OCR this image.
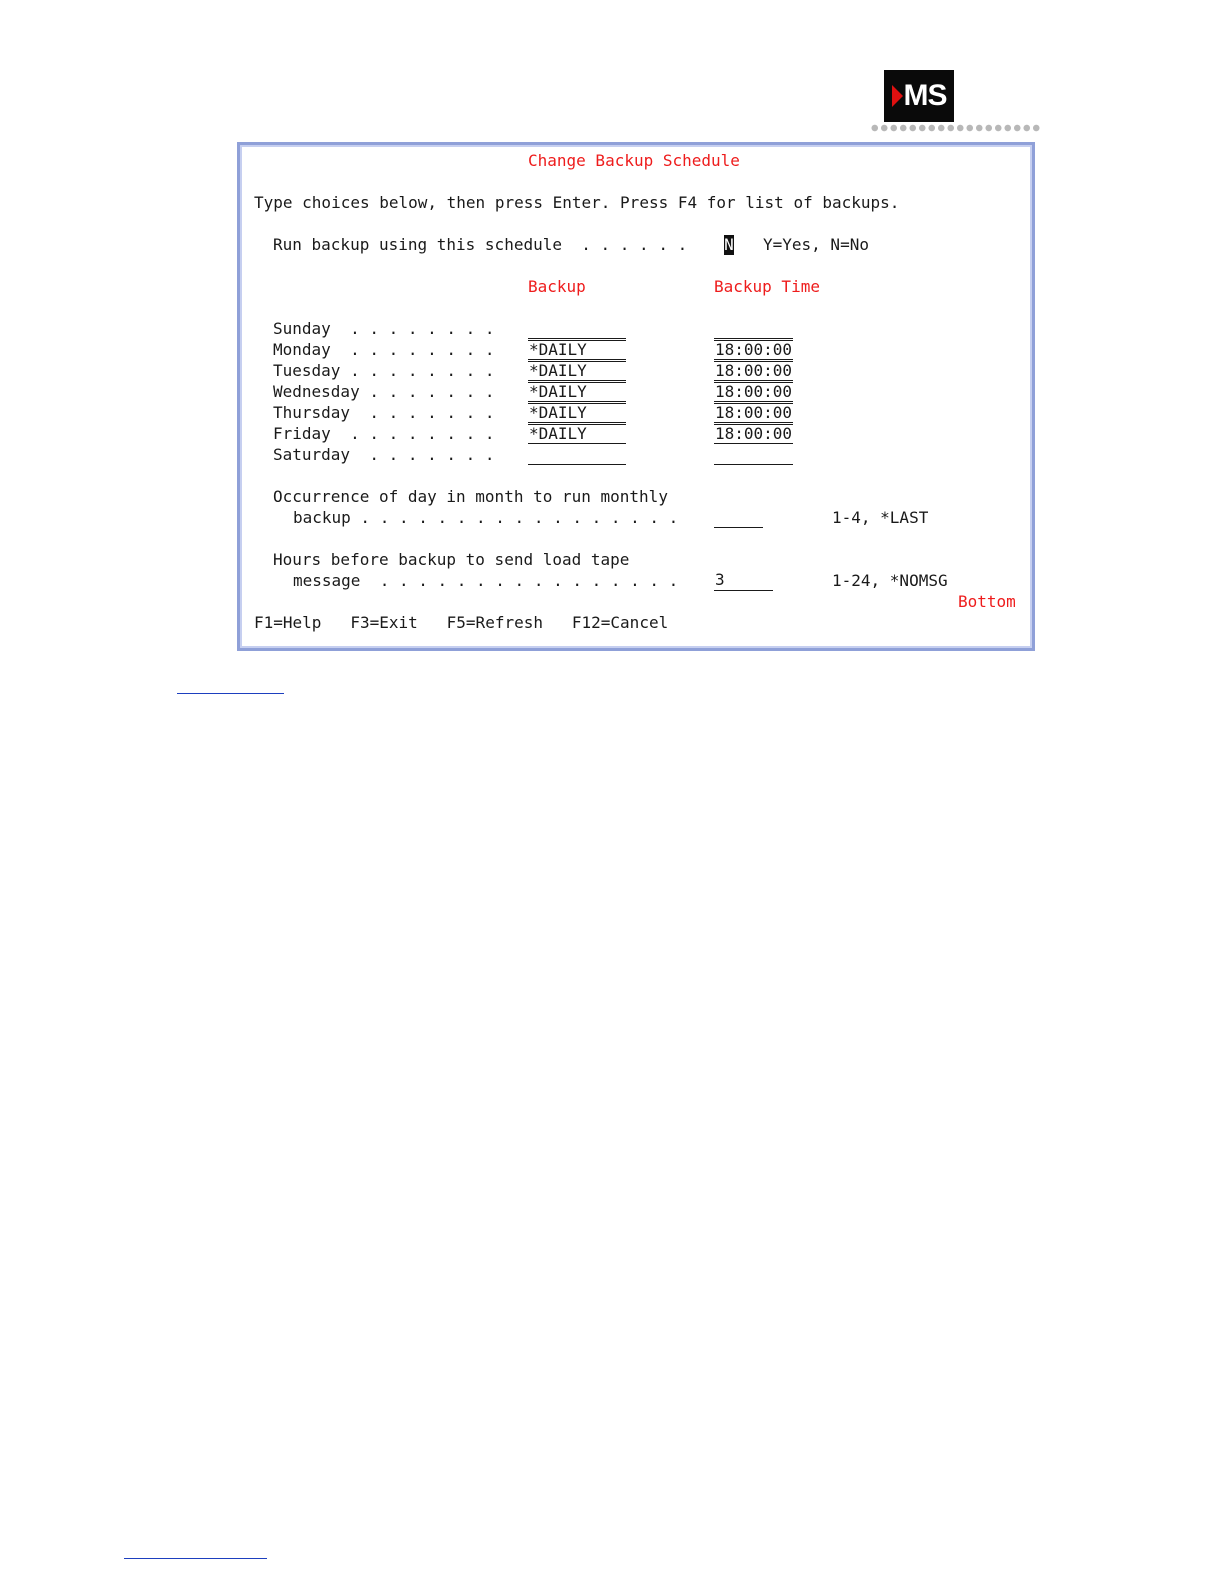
MS
Change Backup Schedule
Type choices below, then press Enter. Press F4 for list of backups.
Run backup using this schedule  . . . . . . N Y=Yes, N=No
Backup	Backup Time
Sunday  . . . . . . . .
Monday  . . . . . . . . *DAILY	18:00:00
Tuesday . . . . . . . . *DAILY	18:00:00
Wednesday . . . . . . . *DAILY	18:00:00
Thursday  . . . . . . . *DAILY	18:00:00
Friday  . . . . . . . . *DAILY	18:00:00
Saturday  . . . . . . .
Occurrence of day in month to run monthly
backup . . . . . . . . . . . . . . . . .	1-4, *LAST
Hours before backup to send load tape
message  . . . . . . . . . . . . . . . . 3	1-24, *NOMSG
Bottom
F1=Help   F3=Exit   F5=Refresh   F12=Cancel
